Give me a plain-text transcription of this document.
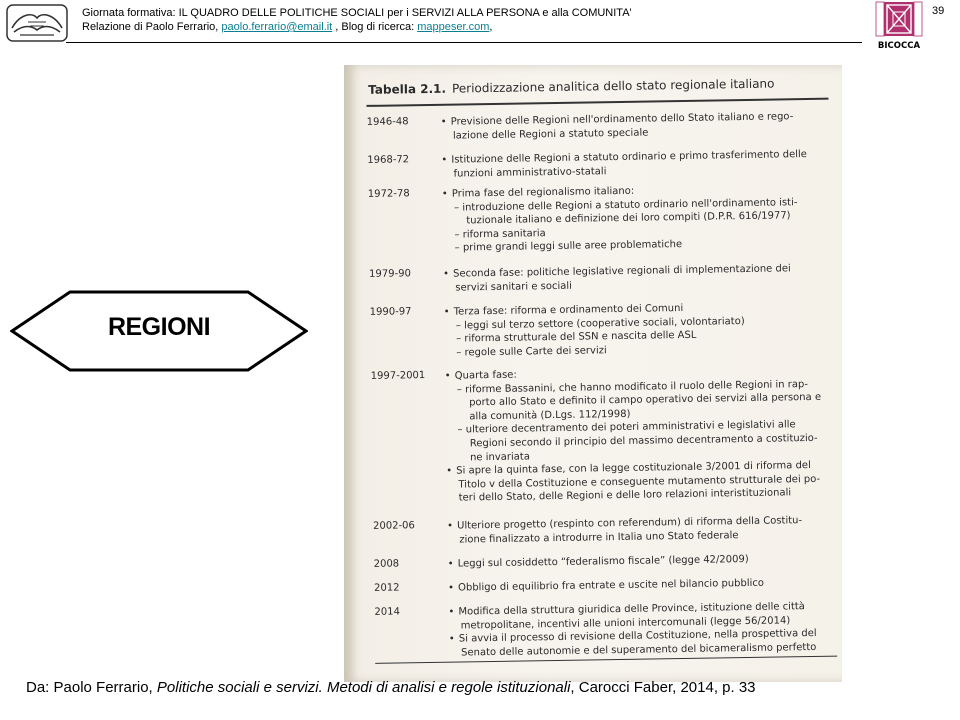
Giornata formativa: IL QUADRO DELLE POLITICHE SOCIALI per i SERVIZI ALLA PERSONA e alla COMUNITA'
Relazione di Paolo Ferrario, paolo.ferrario@email.it , Blog di ricerca: mappeser.com,
BICOCCA
39
REGIONI
Tabella 2.1. Periodizzazione analitica dello stato regionale italiano
1946-48	• Previsione delle Regioni nell'ordinamento dello Stato italiano e rego-
lazione delle Regioni a statuto speciale
1968-72	• Istituzione delle Regioni a statuto ordinario e primo trasferimento delle
funzioni amministrativo-statali
1972-78	• Prima fase del regionalismo italiano:
– introduzione delle Regioni a statuto ordinario nell'ordinamento isti-
tuzionale italiano e definizione dei loro compiti (D.P.R. 616/1977)
– riforma sanitaria
– prime grandi leggi sulle aree problematiche
1979-90	• Seconda fase: politiche legislative regionali di implementazione dei
servizi sanitari e sociali
1990-97	• Terza fase: riforma e ordinamento dei Comuni
– leggi sul terzo settore (cooperative sociali, volontariato)
– riforma strutturale del SSN e nascita delle ASL
– regole sulle Carte dei servizi
1997-2001	• Quarta fase:
– riforme Bassanini, che hanno modificato il ruolo delle Regioni in rap-
porto allo Stato e definito il campo operativo dei servizi alla persona e
alla comunità (D.Lgs. 112/1998)
– ulteriore decentramento dei poteri amministrativi e legislativi alle
Regioni secondo il principio del massimo decentramento a costituzio-
ne invariata
• Si apre la quinta fase, con la legge costituzionale 3/2001 di riforma del
Titolo v della Costituzione e conseguente mutamento strutturale dei po-
teri dello Stato, delle Regioni e delle loro relazioni interistituzionali
2002-06	• Ulteriore progetto (respinto con referendum) di riforma della Costitu-
zione finalizzato a introdurre in Italia uno Stato federale
2008	• Leggi sul cosiddetto “federalismo fiscale” (legge 42/2009)
2012	• Obbligo di equilibrio fra entrate e uscite nel bilancio pubblico
2014	• Modifica della struttura giuridica delle Province, istituzione delle città
metropolitane, incentivi alle unioni intercomunali (legge 56/2014)
• Si avvia il processo di revisione della Costituzione, nella prospettiva del
Senato delle autonomie e del superamento del bicameralismo perfetto
Da: Paolo Ferrario, Politiche sociali e servizi. Metodi di analisi e regole istituzionali, Carocci Faber, 2014, p. 33
